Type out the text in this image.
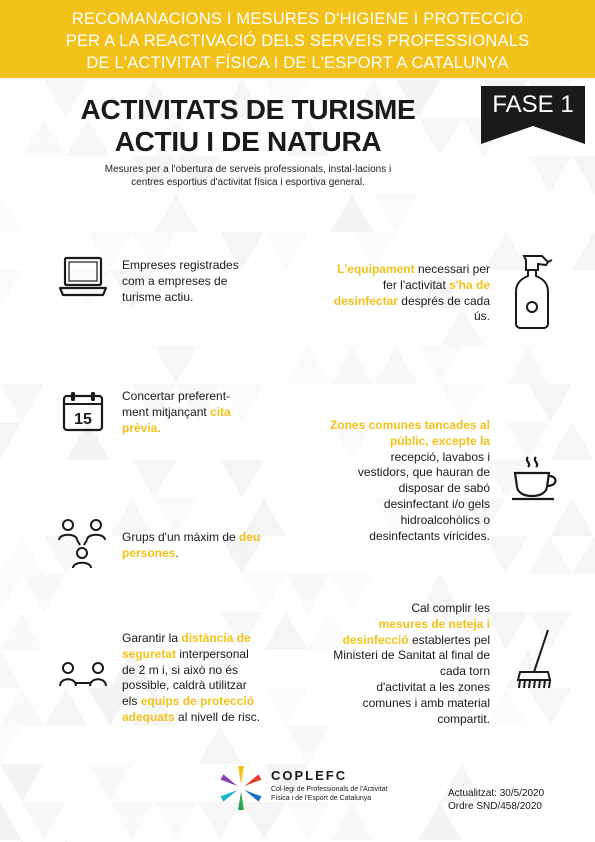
RECOMANACIONS I MESURES D'HIGIENE I PROTECCIÓ
PER A LA REACTIVACIÓ DELS SERVEIS PROFESSIONALS
DE L'ACTIVITAT FÍSICA I DE L'ESPORT A CATALUNYA
FASE 1
ACTIVITATS DE TURISME
ACTIU I DE NATURA
Mesures per a l'obertura de serveis professionals, instal·lacions i
centres esportius d'activitat física i esportiva general.
Empreses registrades
com a empreses de
turisme actiu.
15
Concertar preferent-
ment mitjançant cita
prèvia.
Grups d'un màxim de deu
persones.
Garantir la distància de
seguretat interpersonal
de 2 m i, si això no és
possible, caldrà utilitzar
els equips de protecció
adequats al nivell de risc.
L'equipament necessari per
fer l'activitat s'ha de
desinfectar després de cada
ús.
Zones comunes tancades al
públic, excepte la
recepció, lavabos i
vestidors, que hauran de
disposar de sabó
desinfectant i/o gels
hidroalcohòlics o
desinfectants viricides.
Cal complir les
mesures de neteja i
desinfecció establertes pel
Ministeri de Sanitat al final de
cada torn
d'activitat a les zones
comunes i amb material
compartit.
COPLEFC
Col·legi de Professionals de l'Activitat
Física i de l'Esport de Catalunya	Actualitzat: 30/5/2020
Ordre SND/458/2020
